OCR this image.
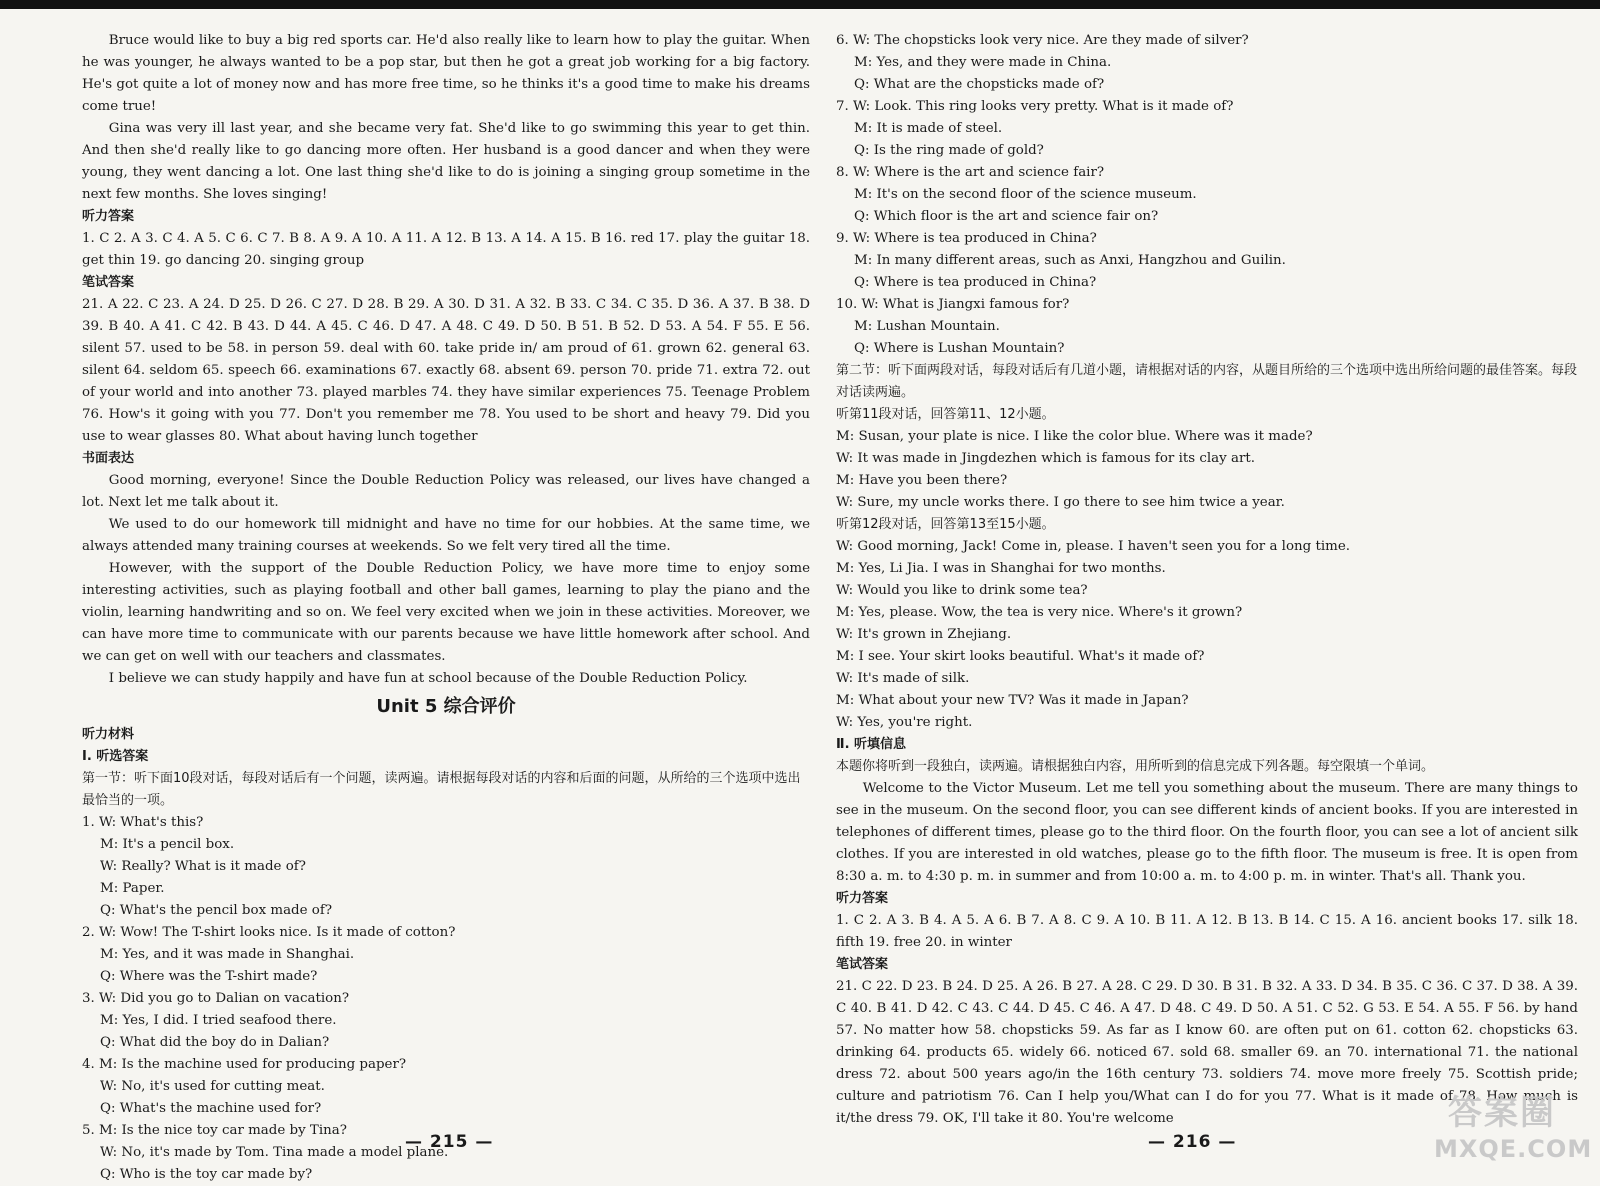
Bruce would like to buy a big red sports car. He'd also really like to learn how to play the guitar. When he was younger, he always wanted to be a pop star, but then he got a great job working for a big factory. He's got quite a lot of money now and has more free time, so he thinks it's a good time to make his dreams come true!

Gina was very ill last year, and she became very fat. She'd like to go swimming this year to get thin. And then she'd really like to go dancing more often. Her husband is a good dancer and when they were young, they went dancing a lot. One last thing she'd like to do is joining a singing group sometime in the next few months. She loves singing!

听力答案

1. C 2. A 3. C 4. A 5. C 6. C 7. B 8. A 9. A 10. A 11. A 12. B 13. A 14. A 15. B 16. red 17. play the guitar 18. get thin 19. go dancing 20. singing group

笔试答案

21. A 22. C 23. A 24. D 25. D 26. C 27. D 28. B 29. A 30. D 31. A 32. B 33. C 34. C 35. D 36. A 37. B 38. D 39. B 40. A 41. C 42. B 43. D 44. A 45. C 46. D 47. A 48. C 49. D 50. B 51. B 52. D 53. A 54. F 55. E 56. silent 57. used to be 58. in person 59. deal with 60. take pride in/ am proud of 61. grown 62. general 63. silent 64. seldom 65. speech 66. examinations 67. exactly 68. absent 69. person 70. pride 71. extra 72. out of your world and into another 73. played marbles 74. they have similar experiences 75. Teenage Problem 76. How's it going with you 77. Don't you remember me 78. You used to be short and heavy 79. Did you use to wear glasses 80. What about having lunch together

书面表达

Good morning, everyone! Since the Double Reduction Policy was released, our lives have changed a lot. Next let me talk about it.

We used to do our homework till midnight and have no time for our hobbies. At the same time, we always attended many training courses at weekends. So we felt very tired all the time.

However, with the support of the Double Reduction Policy, we have more time to enjoy some interesting activities, such as playing football and other ball games, learning to play the piano and the violin, learning handwriting and so on. We feel very excited when we join in these activities. Moreover, we can have more time to communicate with our parents because we have little homework after school. And we can get on well with our teachers and classmates.

I believe we can study happily and have fun at school because of the Double Reduction Policy.

Unit 5 综合评价

听力材料

Ⅰ. 听选答案

第一节：听下面10段对话，每段对话后有一个问题，读两遍。请根据每段对话的内容和后面的问题，从所给的三个选项中选出最恰当的一项。

1. W: What's this?

M: It's a pencil box.

W: Really? What is it made of?

M: Paper.

Q: What's the pencil box made of?

2. W: Wow! The T-shirt looks nice. Is it made of cotton?

M: Yes, and it was made in Shanghai.

Q: Where was the T-shirt made?

3. W: Did you go to Dalian on vacation?

M: Yes, I did. I tried seafood there.

Q: What did the boy do in Dalian?

4. M: Is the machine used for producing paper?

W: No, it's used for cutting meat.

Q: What's the machine used for?

5. M: Is the nice toy car made by Tina?

W: No, it's made by Tom. Tina made a model plane.

Q: Who is the toy car made by?

6. W: The chopsticks look very nice. Are they made of silver?

M: Yes, and they were made in China.

Q: What are the chopsticks made of?

7. W: Look. This ring looks very pretty. What is it made of?

M: It is made of steel.

Q: Is the ring made of gold?

8. W: Where is the art and science fair?

M: It's on the second floor of the science museum.

Q: Which floor is the art and science fair on?

9. W: Where is tea produced in China?

M: In many different areas, such as Anxi, Hangzhou and Guilin.

Q: Where is tea produced in China?

10. W: What is Jiangxi famous for?

M: Lushan Mountain.

Q: Where is Lushan Mountain?

第二节：听下面两段对话，每段对话后有几道小题，请根据对话的内容，从题目所给的三个选项中选出所给问题的最佳答案。每段对话读两遍。

听第11段对话，回答第11、12小题。

M: Susan, your plate is nice. I like the color blue. Where was it made?

W: It was made in Jingdezhen which is famous for its clay art.

M: Have you been there?

W: Sure, my uncle works there. I go there to see him twice a year.

听第12段对话，回答第13至15小题。

W: Good morning, Jack! Come in, please. I haven't seen you for a long time.

M: Yes, Li Jia. I was in Shanghai for two months.

W: Would you like to drink some tea?

M: Yes, please. Wow, the tea is very nice. Where's it grown?

W: It's grown in Zhejiang.

M: I see. Your skirt looks beautiful. What's it made of?

W: It's made of silk.

M: What about your new TV? Was it made in Japan?

W: Yes, you're right.

Ⅱ. 听填信息

本题你将听到一段独白，读两遍。请根据独白内容，用所听到的信息完成下列各题。每空限填一个单词。

Welcome to the Victor Museum. Let me tell you something about the museum. There are many things to see in the museum. On the second floor, you can see different kinds of ancient books. If you are interested in telephones of different times, please go to the third floor. On the fourth floor, you can see a lot of ancient silk clothes. If you are interested in old watches, please go to the fifth floor. The museum is free. It is open from 8:30 a. m. to 4:30 p. m. in summer and from 10:00 a. m. to 4:00 p. m. in winter. That's all. Thank you.

听力答案

1. C 2. A 3. B 4. A 5. A 6. B 7. A 8. C 9. A 10. B 11. A 12. B 13. B 14. C 15. A 16. ancient books 17. silk 18. fifth 19. free 20. in winter

笔试答案

21. C 22. D 23. B 24. D 25. A 26. B 27. A 28. C 29. D 30. B 31. B 32. A 33. D 34. B 35. C 36. C 37. D 38. A 39. C 40. B 41. D 42. C 43. C 44. D 45. C 46. A 47. D 48. C 49. D 50. A 51. C 52. G 53. E 54. A 55. F 56. by hand 57. No matter how 58. chopsticks 59. As far as I know 60. are often put on 61. cotton 62. chopsticks 63. drinking 64. products 65. widely 66. noticed 67. sold 68. smaller 69. an 70. international 71. the national dress 72. about 500 years ago/in the 16th century 73. soldiers 74. move more freely 75. Scottish pride; culture and patriotism 76. Can I help you/What can I do for you 77. What is it made of 78. How much is it/the dress 79. OK, I'll take it 80. You're welcome

— 215 —	— 216 —
答案圈
MXQE.COM
